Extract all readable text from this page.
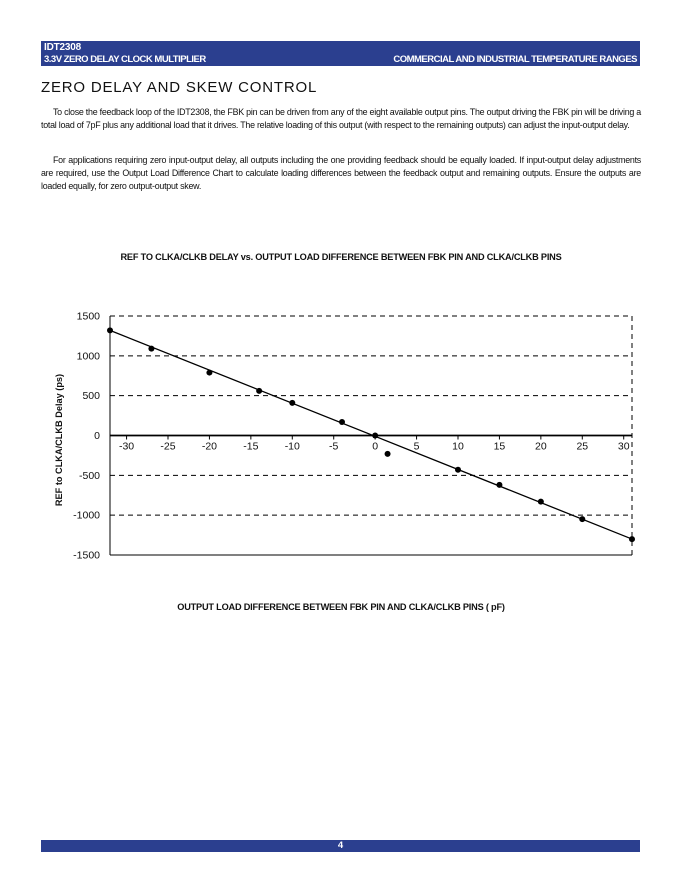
IDT2308
3.3V ZERO DELAY CLOCK MULTIPLIER	COMMERCIAL AND INDUSTRIAL TEMPERATURE RANGES
ZERO DELAY AND SKEW CONTROL

To close the feedback loop of the IDT2308, the FBK pin can be driven from any of the eight available output pins. The output driving the FBK pin will be driving a total load of 7pF plus any additional load that it drives. The relative loading of this output (with respect to the remaining outputs) can adjust the input-output delay.

For applications requiring zero input-output delay, all outputs including the one providing feedback should be equally loaded. If input-output delay adjustments are required, use the Output Load Difference Chart to calculate loading differences between the feedback output and remaining outputs. Ensure the outputs are loaded equally, for zero output-output skew.

REF TO CLKA/CLKB DELAY vs. OUTPUT LOAD DIFFERENCE BETWEEN FBK PIN AND CLKA/CLKB PINS
REF to CLKA/CLKB Delay (ps)
1500
1000
500
0
-500
-1000
-1500
-30 -25 -20 -15 -10	-5	0	5	10	15	20	25	30
OUTPUT LOAD DIFFERENCE BETWEEN FBK PIN AND CLKA/CLKB PINS ( pF)
4
